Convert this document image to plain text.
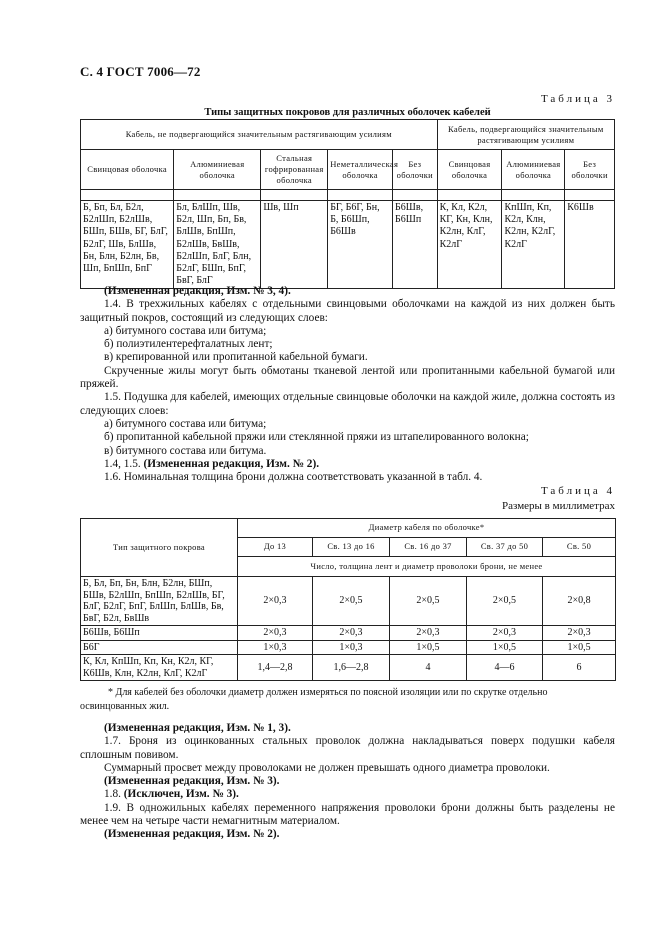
С. 4 ГОСТ 7006—72
Таблица 3
Типы защитных покровов для различных оболочек кабелей
Кабель, не подвергающийся значительным растягивающим усилиям					Кабель, подвергающийся значительным растягивающим усилиям		
Свинцовая оболочка	Алюминиевая оболочка	Стальная гофрированная оболочка	Неметаллическая оболочка	Без оболочки	Свинцовая оболочка	Алюминиевая оболочка	Без оболочки

Б, Бп, Бл, Б2л, Б2лШп, Б2лШв, БШп, БШв, БГ, БлГ, Б2лГ, Шв, БлШв, Бн, Блн, Б2лн, Бв, Шп, БпШп, БпГ	Бл, БлШп, Шв, Б2л, Шп, Бп, Бв, БлШв, БпШп, Б2лШв, БвШв, Б2лШп, БлГ, Блн, Б2лГ, БШп, БпГ, БвГ, БлГ	Шв, Шп	БГ, Б6Г, Бн, Б, Б6Шп, Б6Шв	Б6Шв, Б6Шп	К, Кл, К2л, КГ, Кн, Клн, К2лн, КлГ, К2лГ	КпШп, Кп, К2л, Клн, К2лн, К2лГ, К2лГ	К6Шв

(Измененная редакция, Изм. № 3, 4).

1.4. В трехжильных кабелях с отдельными свинцовыми оболочками на каждой из них должен быть защитный покров, состоящий из следующих слоев:

а) битумного состава или битума;

б) полиэтилентерефталатных лент;

в) крепированной или пропитанной кабельной бумаги.

Скрученные жилы могут быть обмотаны тканевой лентой или пропитанными кабельной бумагой или пряжей.

1.5. Подушка для кабелей, имеющих отдельные свинцовые оболочки на каждой жиле, должна состоять из следующих слоев:

а) битумного состава или битума;

б) пропитанной кабельной пряжи или стеклянной пряжи из штапелированного волокна;

в) битумного состава или битума.

1.4, 1.5. (Измененная редакция, Изм. № 2).

1.6. Номинальная толщина брони должна соответствовать указанной в табл. 4.

Таблица 4
Размеры в миллиметрах
Тип защитного покрова	Диаметр кабеля по оболочке*				
	До 13	Св. 13 до 16	Св. 16 до 37	Св. 37 до 50	Св. 50
	Число, толщина лент и диаметр проволоки брони, не менее				
Б, Бл, Бп, Бн, Блн, Б2лн, БШп, БШв, Б2лШп, БпШп, Б2лШв, БГ, БлГ, Б2лГ, БпГ, БлШп, БлШв, Бв, БвГ, Б2л, БвШв	2×0,3	2×0,5	2×0,5	2×0,5	2×0,8
Б6Шв, Б6Шп	2×0,3	2×0,3	2×0,3	2×0,3	2×0,3
Б6Г	1×0,3	1×0,3	1×0,5	1×0,5	1×0,5
К, Кл, КпШп, Кп, Кн, К2л, КГ, К6Шв, Клн, К2лн, КлГ, К2лГ	1,4—2,8	1,6—2,8	4	4—6	6
* Для кабелей без оболочки диаметр должен измеряться по поясной изоляции или по скрутке отдельно освинцованных жил.

(Измененная редакция, Изм. № 1, 3).

1.7. Броня из оцинкованных стальных проволок должна накладываться поверх подушки кабеля сплошным повивом.

Суммарный просвет между проволоками не должен превышать одного диаметра проволоки.

(Измененная редакция, Изм. № 3).

1.8. (Исключен, Изм. № 3).

1.9. В одножильных кабелях переменного напряжения проволоки брони должны быть разделены не менее чем на четыре части немагнитным материалом.

(Измененная редакция, Изм. № 2).
